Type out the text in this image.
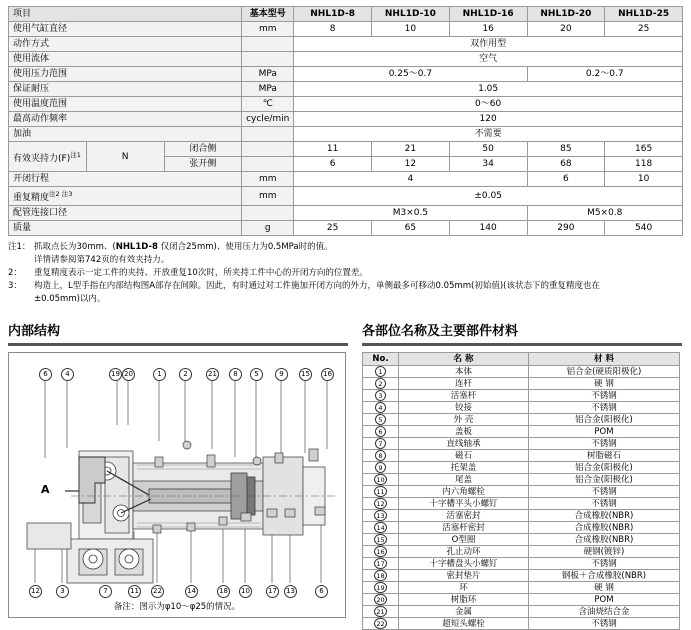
项目			基本型号	NHL1D-8	NHL1D-10	NHL1D-16	NHL1D-20	NHL1D-25
使用气缸直径			mm	8	10	16	20	25
动作方式				双作用型				
使用流体				空气				
使用压力范围			MPa	0.25～0.7			0.2～0.7	
保证耐压			MPa	1.05				
使用温度范围			℃	0～60				
最高动作频率			cycle/min	120				
加油				不需要				
有效夹持力$(F)^{注1}$	N	闭合侧		11	21	50	85	165
		张开侧		6	12	34	68	118
开闭行程			mm	4			6	10
重复精度$^{注2 注3}$			mm	±0.05				
配管连接口径				M3×0.5			M5×0.8	
质量			g	25	65	140	290	540
注1： 抓取点长为30mm、(NHL1D-8 仅闭合25mm)、使用压力为0.5MPa时的值。
详情请参阅第742页的有效夹持力。
2：	重复精度表示一定工件的夹持、开放重复10次时，所夹持工件中心的开闭方向的位置差。
3：	构造上，L型手指在内部结构图A部存在间隙。因此，有时通过对工件施加开闭方向的外力，单侧最多可移动0.05mm(初始值)(该状态下的重复精度也在
±0.05mm)以内。
内部结构
A
6	4	19 20	1	2	21	8	5	9	15 16
12	3	7	11 22	14	18 10	17 13	6
备注：图示为φ10～φ25的情况。
各部位名称及主要部件材料
No.	名 称	材 料
1	本体	铝合金(硬质阳极化)
2	连杆	硬 钢
3	活塞杆	不锈钢
4	铰接	不锈钢
5	外 壳	铝合金(阳极化)
6	盖板	POM
7	直线轴承	不锈钢
8	磁石	树脂磁石
9	托架盖	铝合金(阳极化)
10	尾盖	铝合金(阳极化)
11	内六角螺栓	不锈钢
12	十字槽平头小螺钉	不锈钢
13	活塞密封	合成橡胶(NBR)
14	活塞杆密封	合成橡胶(NBR)
15	O型圈	合成橡胶(NBR)
16	孔止动环	硬钢(镀锌)
17	十字槽盘头小螺钉	不锈钢
18	密封垫片	钢板＋合成橡胶(NBR)
19	环	硬 钢
20	树脂环	POM
21	金属	含油烧结合金
22	超短头螺栓	不锈钢
